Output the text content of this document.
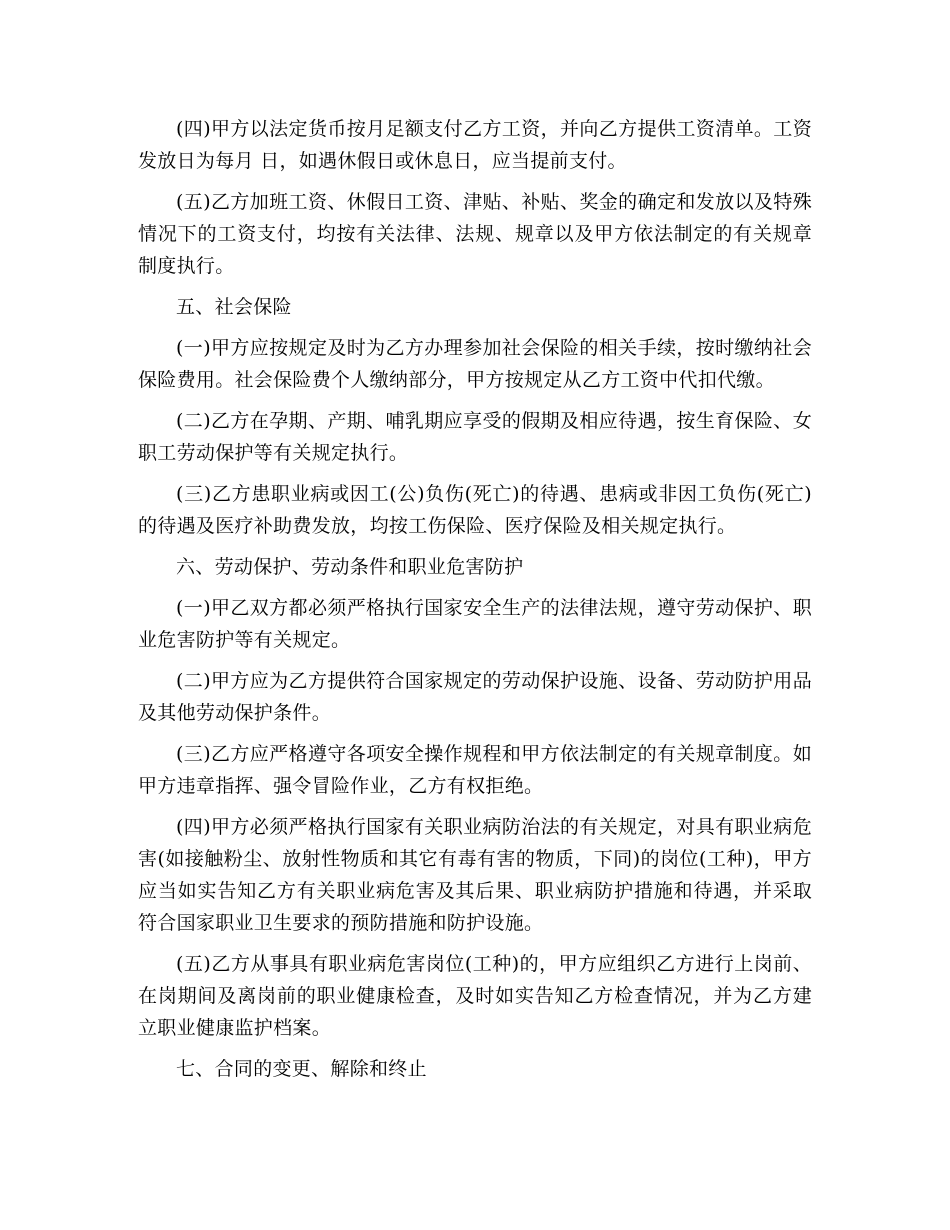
(四)甲方以法定货币按月足额支付乙方工资，并向乙方提供工资清单。工资发放日为每月 日，如遇休假日或休息日，应当提前支付。

(五)乙方加班工资、休假日工资、津贴、补贴、奖金的确定和发放以及特殊情况下的工资支付，均按有关法律、法规、规章以及甲方依法制定的有关规章制度执行。

五、社会保险

(一)甲方应按规定及时为乙方办理参加社会保险的相关手续，按时缴纳社会保险费用。社会保险费个人缴纳部分，甲方按规定从乙方工资中代扣代缴。

(二)乙方在孕期、产期、哺乳期应享受的假期及相应待遇，按生育保险、女职工劳动保护等有关规定执行。

(三)乙方患职业病或因工(公)负伤(死亡)的待遇、患病或非因工负伤(死亡)的待遇及医疗补助费发放，均按工伤保险、医疗保险及相关规定执行。

六、劳动保护、劳动条件和职业危害防护

(一)甲乙双方都必须严格执行国家安全生产的法律法规，遵守劳动保护、职业危害防护等有关规定。

(二)甲方应为乙方提供符合国家规定的劳动保护设施、设备、劳动防护用品及其他劳动保护条件。

(三)乙方应严格遵守各项安全操作规程和甲方依法制定的有关规章制度。如甲方违章指挥、强令冒险作业，乙方有权拒绝。

(四)甲方必须严格执行国家有关职业病防治法的有关规定，对具有职业病危害(如接触粉尘、放射性物质和其它有毒有害的物质，下同)的岗位(工种)，甲方应当如实告知乙方有关职业病危害及其后果、职业病防护措施和待遇，并采取符合国家职业卫生要求的预防措施和防护设施。

(五)乙方从事具有职业病危害岗位(工种)的，甲方应组织乙方进行上岗前、在岗期间及离岗前的职业健康检查，及时如实告知乙方检查情况，并为乙方建立职业健康监护档案。

七、合同的变更、解除和终止
